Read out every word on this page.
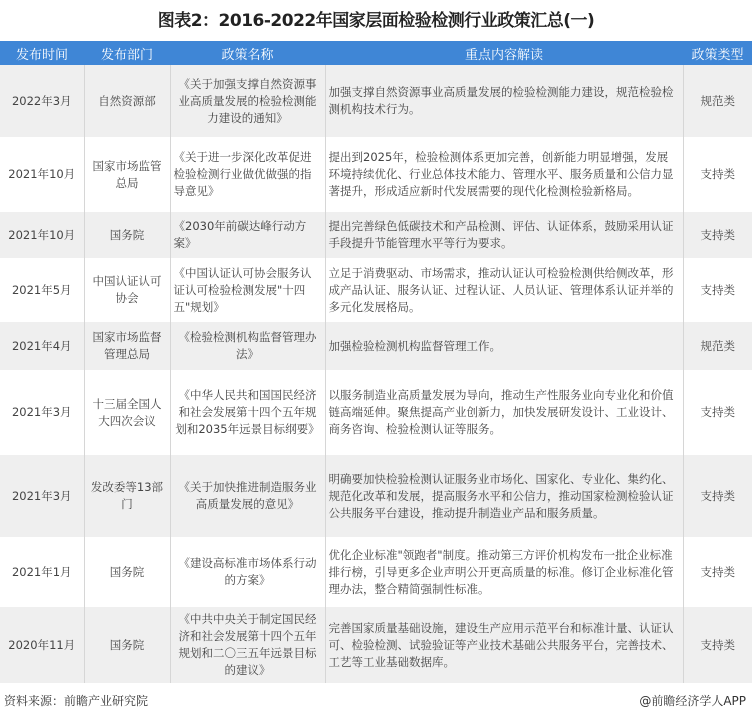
图表2：2016-2022年国家层面检验检测行业政策汇总(一)
发布时间	发布部门	政策名称	重点内容解读	政策类型
2022年3月	自然资源部	《关于加强支撑自然资源事业高质量发展的检验检测能力建设的通知》	加强支撑自然资源事业高质量发展的检验检测能力建设，规范检验检测机构技术行为。	规范类
2021年10月	国家市场监管总局	《关于进一步深化改革促进检验检测行业做优做强的指导意见》	提出到2025年，检验检测体系更加完善，创新能力明显增强，发展环境持续优化、行业总体技术能力、管理水平、服务质量和公信力显著提升，形成适应新时代发展需要的现代化检测检验新格局。	支持类
2021年10月	国务院	《2030年前碳达峰行动方案》	提出完善绿色低碳技术和产品检测、评估、认证体系，鼓励采用认证手段提升节能管理水平等行为要求。	支持类
2021年5月	中国认证认可协会	《中国认证认可协会服务认证认可检验检测发展"十四五"规划》	立足于消费驱动、市场需求，推动认证认可检验检测供给侧改革，形成产品认证、服务认证、过程认证、人员认证、管理体系认证并举的多元化发展格局。	支持类
2021年4月	国家市场监督管理总局	《检验检测机构监督管理办法》	加强检验检测机构监督管理工作。	规范类
2021年3月	十三届全国人大四次会议	《中华人民共和国国民经济和社会发展第十四个五年规划和2035年远景目标纲要》	以服务制造业高质量发展为导向，推动生产性服务业向专业化和价值链高端延伸。聚焦提高产业创新力，加快发展研发设计、工业设计、商务咨询、检验检测认证等服务。	支持类
2021年3月	发改委等13部门	《关于加快推进制造服务业高质量发展的意见》	明确要加快检验检测认证服务业市场化、国家化、专业化、集约化、规范化改革和发展，提高服务水平和公信力，推动国家检测检验认证公共服务平台建设，推动提升制造业产品和服务质量。	支持类
2021年1月	国务院	《建设高标准市场体系行动的方案》	优化企业标准"领跑者"制度。推动第三方评价机构发布一批企业标准排行榜，引导更多企业声明公开更高质量的标准。修订企业标准化管理办法，整合精简强制性标准。	支持类
2020年11月	国务院	《中共中央关于制定国民经济和社会发展第十四个五年规划和二〇三五年远景目标的建议》	完善国家质量基础设施，建设生产应用示范平台和标准计量、认证认可、检验检测、试验验证等产业技术基础公共服务平台，完善技术、工艺等工业基础数据库。	支持类
资料来源：前瞻产业研究院	@前瞻经济学人APP
